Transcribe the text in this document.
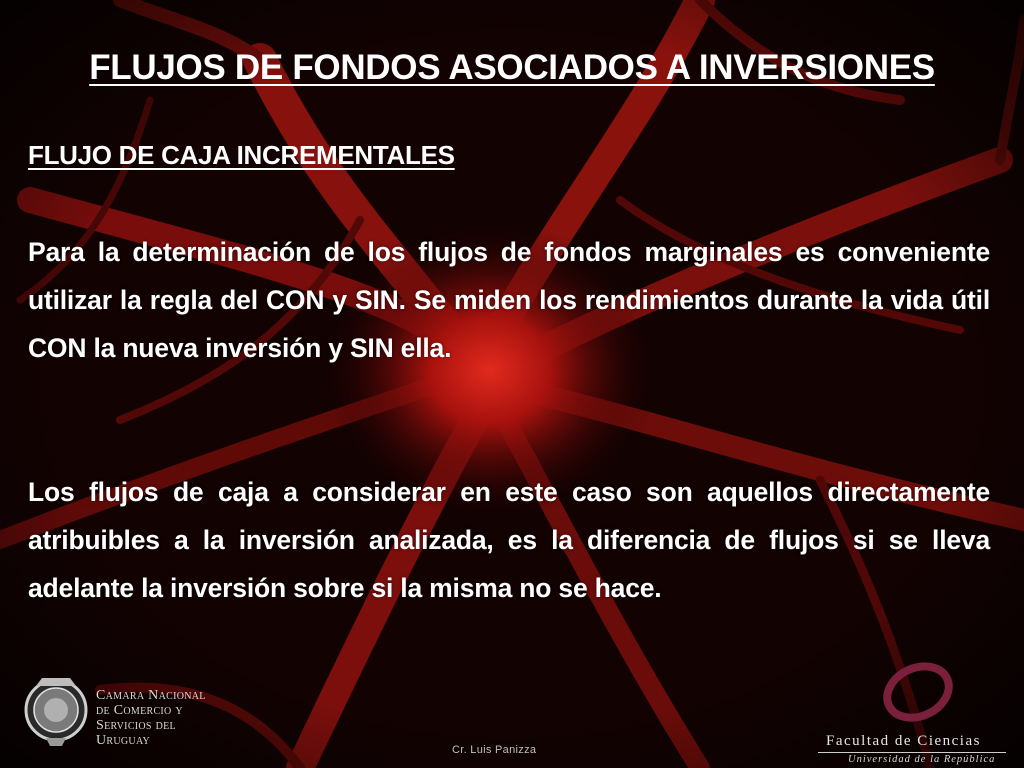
FLUJOS DE FONDOS ASOCIADOS A INVERSIONES
FLUJO DE CAJA INCREMENTALES
Para la determinación de los flujos de fondos marginales es conveniente utilizar la regla del CON y SIN. Se miden los rendimientos durante la vida útil CON la nueva inversión y SIN ella.
Los flujos de caja a considerar en este caso son aquellos directamente atribuibles a la inversión analizada, es la diferencia de flujos si se lleva adelante la inversión sobre si la misma no se hace.
Camara Nacional
de Comercio y
Servicios del
Uruguay
Cr. Luis Panizza
Facultad de Ciencias
Universidad de la República
